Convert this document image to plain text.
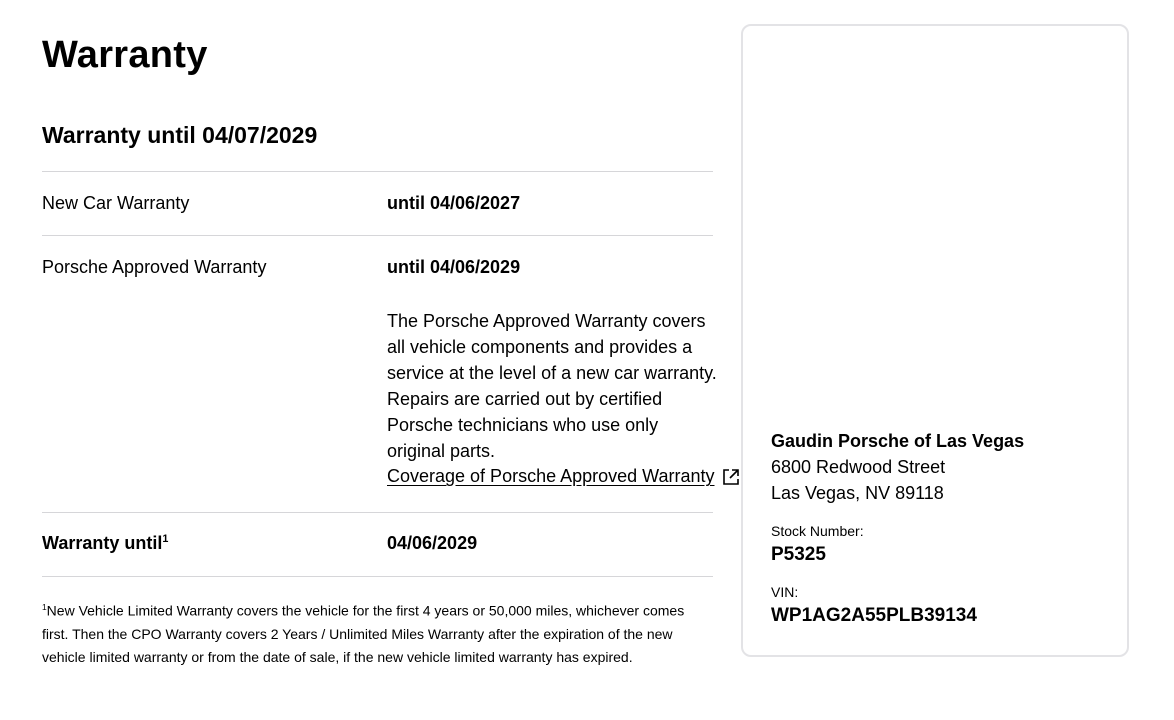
Warranty
Warranty until 04/07/2029
New Car Warranty	until 04/06/2027
Porsche Approved Warranty	until 04/06/2029

The Porsche Approved Warranty covers all vehicle components and provides a service at the level of a new car warranty. Repairs are carried out by certified Porsche technicians who use only original parts.

Coverage of Porsche Approved Warranty
Warranty until$^1$	04/06/2029

$^1$New Vehicle Limited Warranty covers the vehicle for the first 4 years or 50,000 miles, whichever comes first. Then the CPO Warranty covers 2 Years / Unlimited Miles Warranty after the expiration of the new vehicle limited warranty or from the date of sale, if the new vehicle limited warranty has expired.

Gaudin Porsche of Las Vegas
6800 Redwood Street
Las Vegas, NV 89118
Stock Number:
P5325
VIN:
WP1AG2A55PLB39134
